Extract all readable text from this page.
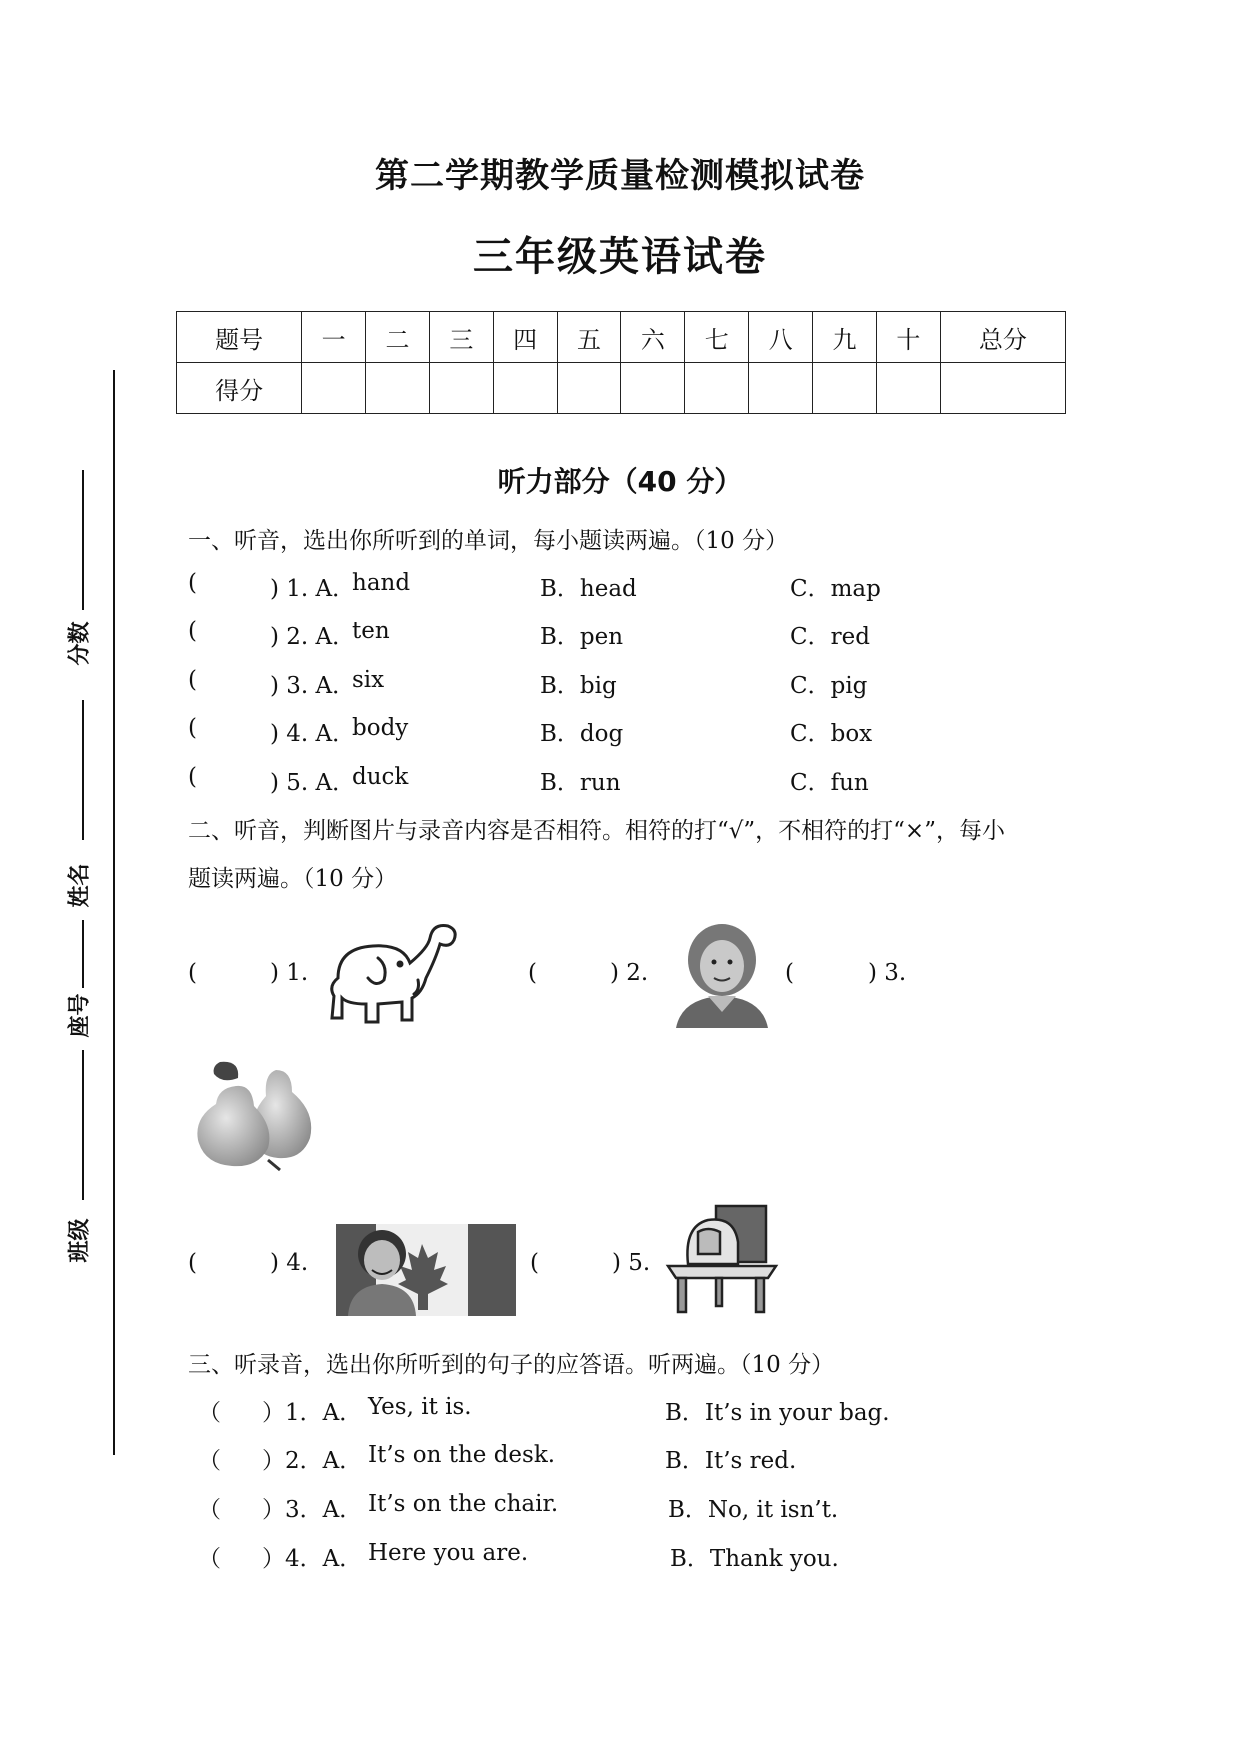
第二学期教学质量检测模拟试卷
三年级英语试卷
题号	一	二	三	四	五	六	七	八	九	十	总分
得分											
分数
姓名
座号
班级
听力部分（40 分）
一、听音，选出你所听到的单词，每小题读两遍。（10 分）
(	) 1. A．
hand	B．head	C．map
(	) 2. A．
ten	B．pen	C．red
(	) 3. A．
six	B．big	C．pig
(	) 4. A．
body	B．dog	C．box
(	) 5. A．
duck	B．run	C．fun
二、听音，判断图片与录音内容是否相符。相符的打“√”，不相符的打“×”，每小
题读两遍。（10 分）
(	) 1.	(	) 2.	(	) 3.
(	) 4.	(	) 5.
三、听录音，选出你所听到的句子的应答语。听两遍。（10 分）
（ ）1．A． Yes, it is.	B．It’s in your bag.
（ ）2．A． It’s on the desk.	B．It’s red.
（ ）3．A． It’s on the chair.	B．No, it isn’t.
（ ）4．A． Here you are.	B．Thank you.
